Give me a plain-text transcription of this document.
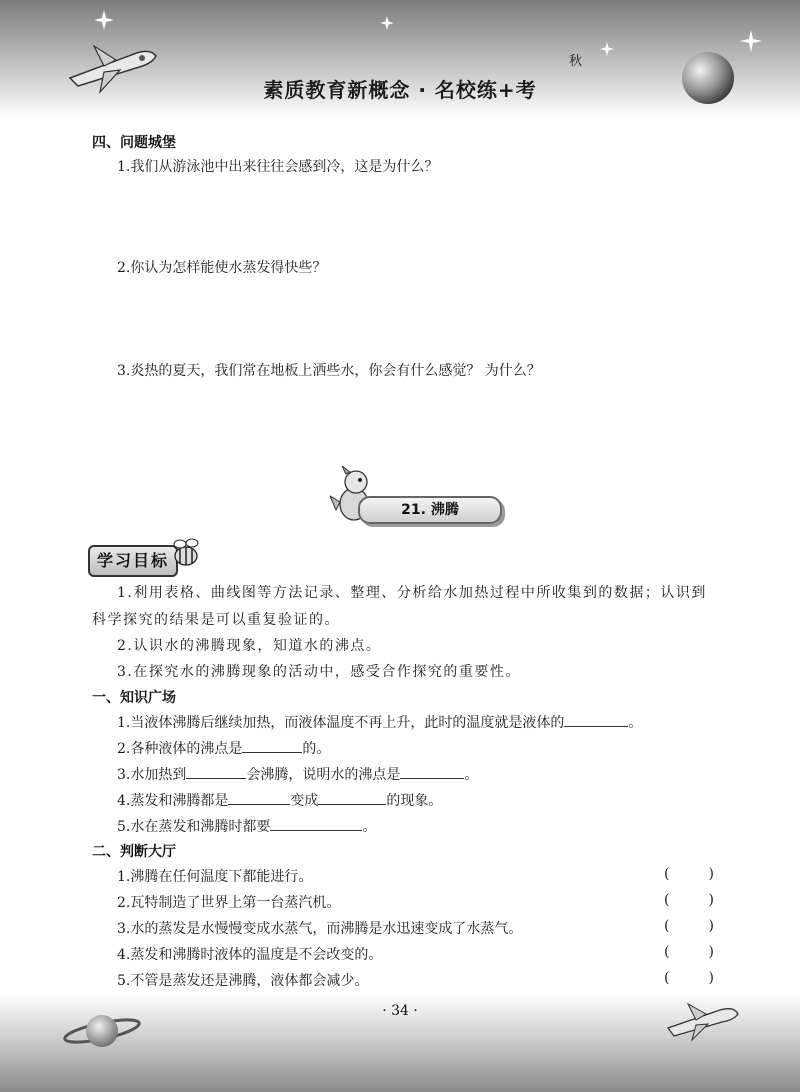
秋
素质教育新概念 · 名校练+考
四、问题城堡
1.我们从游泳池中出来往往会感到冷，这是为什么？
2.你认为怎样能使水蒸发得快些？
3.炎热的夏天，我们常在地板上洒些水，你会有什么感觉？ 为什么？
21. 沸腾
学习目标
1.利用表格、曲线图等方法记录、整理、分析给水加热过程中所收集到的数据；认识到
科学探究的结果是可以重复验证的。
2.认识水的沸腾现象，知道水的沸点。
3.在探究水的沸腾现象的活动中，感受合作探究的重要性。
一、知识广场
1.当液体沸腾后继续加热，而液体温度不再上升，此时的温度就是液体的	。
2.各种液体的沸点是	的。
3.水加热到	会沸腾，说明水的沸点是	。
4.蒸发和沸腾都是	变成	的现象。
5.水在蒸发和沸腾时都要	。
二、判断大厅
1.沸腾在任何温度下都能进行。	(	)
2.瓦特制造了世界上第一台蒸汽机。	(	)
3.水的蒸发是水慢慢变成水蒸气，而沸腾是水迅速变成了水蒸气。	(	)
4.蒸发和沸腾时液体的温度是不会改变的。	(	)
5.不管是蒸发还是沸腾，液体都会减少。	(	)
· 34 ·
